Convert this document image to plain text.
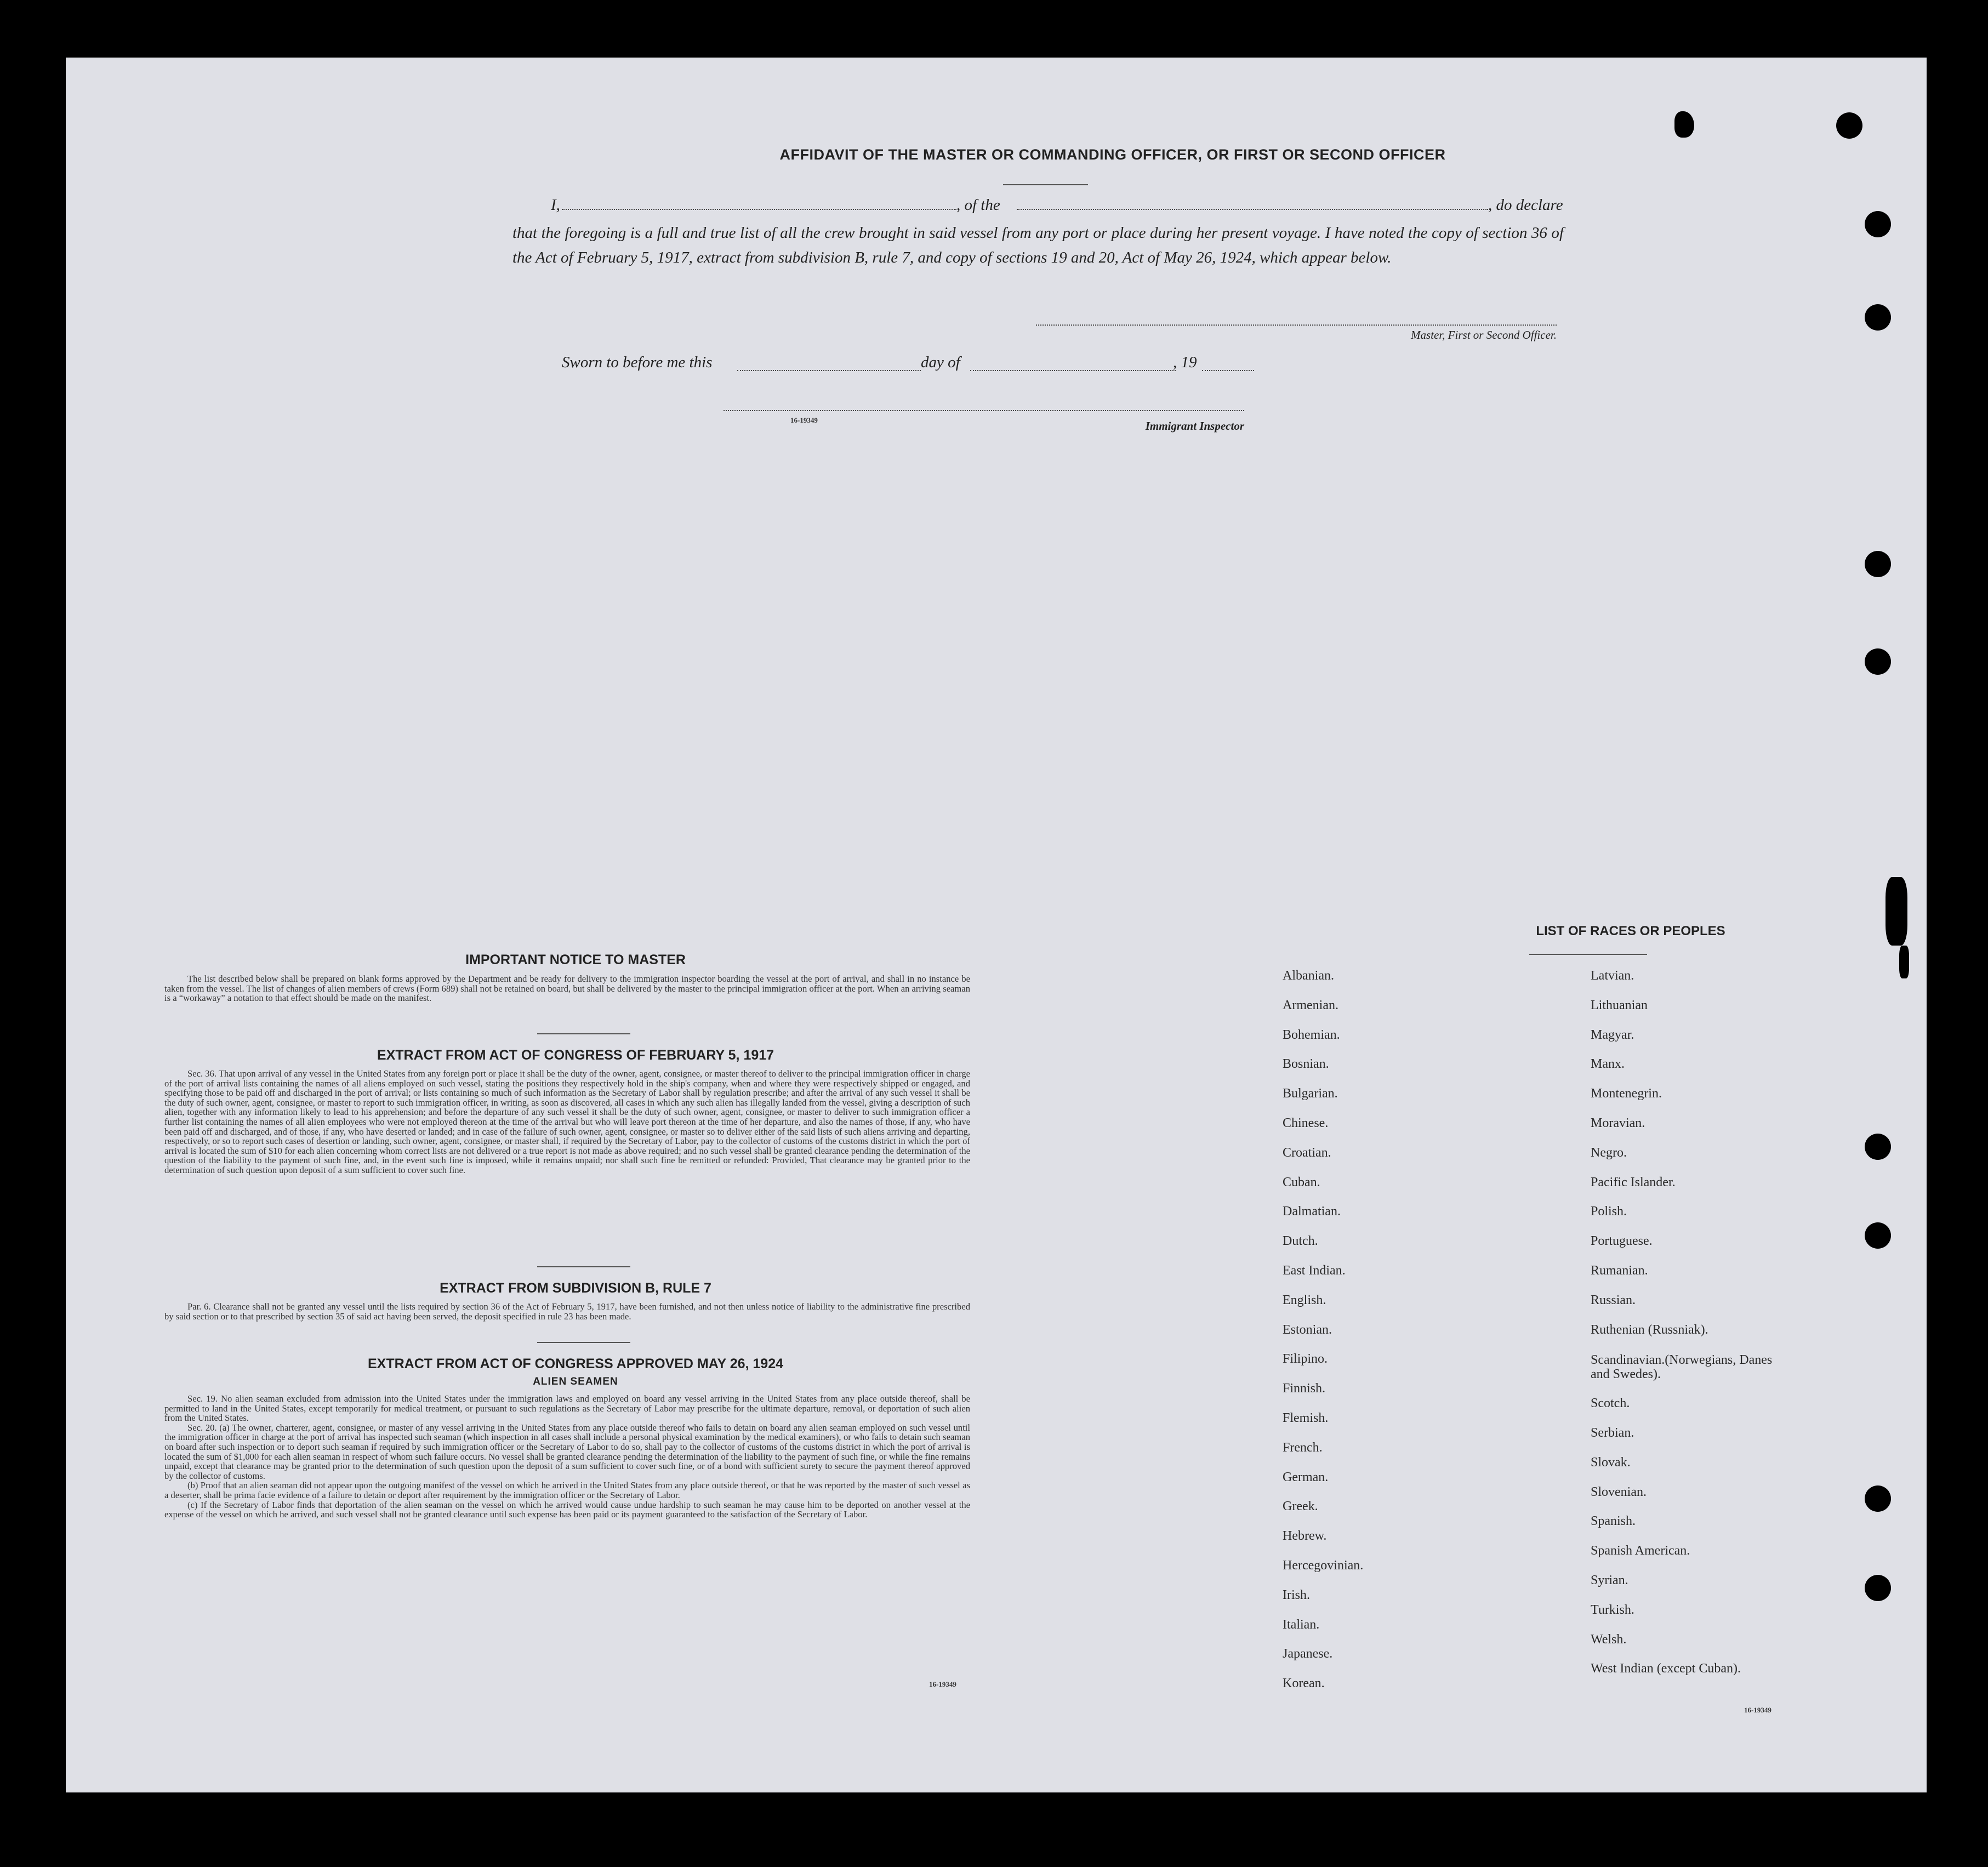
AFFIDAVIT OF THE MASTER OR COMMANDING OFFICER, OR FIRST OR SECOND OFFICER
I,	, of the	, do declare
that the foregoing is a full and true list of all the crew brought in said vessel from any port or place during her present voyage. I have noted the copy of section 36 of the Act of February 5, 1917, extract from subdivision B, rule 7, and copy of sections 19 and 20, Act of May 26, 1924, which appear below.
Master, First or Second Officer.
Sworn to before me this	day of	, 19
16-19349	Immigrant Inspector
IMPORTANT NOTICE TO MASTER

The list described below shall be prepared on blank forms approved by the Department and be ready for delivery to the immigration inspector boarding the vessel at the port of arrival, and shall in no instance be taken from the vessel. The list of changes of alien members of crews (Form 689) shall not be retained on board, but shall be delivered by the master to the principal immigration officer at the port. When an arriving seaman is a “workaway” a notation to that effect should be made on the manifest.

EXTRACT FROM ACT OF CONGRESS OF FEBRUARY 5, 1917

Sec. 36. That upon arrival of any vessel in the United States from any foreign port or place it shall be the duty of the owner, agent, consignee, or master thereof to deliver to the principal immigration officer in charge of the port of arrival lists containing the names of all aliens employed on such vessel, stating the positions they respectively hold in the ship's company, when and where they were respectively shipped or engaged, and specifying those to be paid off and discharged in the port of arrival; or lists containing so much of such information as the Secretary of Labor shall by regulation prescribe; and after the arrival of any such vessel it shall be the duty of such owner, agent, consignee, or master to report to such immigration officer, in writing, as soon as discovered, all cases in which any such alien has illegally landed from the vessel, giving a description of such alien, together with any information likely to lead to his apprehension; and before the departure of any such vessel it shall be the duty of such owner, agent, consignee, or master to deliver to such immigration officer a further list containing the names of all alien employees who were not employed thereon at the time of the arrival but who will leave port thereon at the time of her departure, and also the names of those, if any, who have been paid off and discharged, and of those, if any, who have deserted or landed; and in case of the failure of such owner, agent, consignee, or master so to deliver either of the said lists of such aliens arriving and departing, respectively, or so to report such cases of desertion or landing, such owner, agent, consignee, or master shall, if required by the Secretary of Labor, pay to the collector of customs of the customs district in which the port of arrival is located the sum of $10 for each alien concerning whom correct lists are not delivered or a true report is not made as above required; and no such vessel shall be granted clearance pending the determination of the question of the liability to the payment of such fine, and, in the event such fine is imposed, while it remains unpaid; nor shall such fine be remitted or refunded: Provided, That clearance may be granted prior to the determination of such question upon deposit of a sum sufficient to cover such fine.

EXTRACT FROM SUBDIVISION B, RULE 7

Par. 6. Clearance shall not be granted any vessel until the lists required by section 36 of the Act of February 5, 1917, have been furnished, and not then unless notice of liability to the administrative fine prescribed by said section or to that prescribed by section 35 of said act having been served, the deposit specified in rule 23 has been made.

EXTRACT FROM ACT OF CONGRESS APPROVED MAY 26, 1924
ALIEN SEAMEN

Sec. 19. No alien seaman excluded from admission into the United States under the immigration laws and employed on board any vessel arriving in the United States from any place outside thereof, shall be permitted to land in the United States, except temporarily for medical treatment, or pursuant to such regulations as the Secretary of Labor may prescribe for the ultimate departure, removal, or deportation of such alien from the United States.

Sec. 20. (a) The owner, charterer, agent, consignee, or master of any vessel arriving in the United States from any place outside thereof who fails to detain on board any alien seaman employed on such vessel until the immigration officer in charge at the port of arrival has inspected such seaman (which inspection in all cases shall include a personal physical examination by the medical examiners), or who fails to detain such seaman on board after such inspection or to deport such seaman if required by such immigration officer or the Secretary of Labor to do so, shall pay to the collector of customs of the customs district in which the port of arrival is located the sum of $1,000 for each alien seaman in respect of whom such failure occurs. No vessel shall be granted clearance pending the determination of the liability to the payment of such fine, or while the fine remains unpaid, except that clearance may be granted prior to the determination of such question upon the deposit of a sum sufficient to cover such fine, or of a bond with sufficient surety to secure the payment thereof approved by the collector of customs.

(b) Proof that an alien seaman did not appear upon the outgoing manifest of the vessel on which he arrived in the United States from any place outside thereof, or that he was reported by the master of such vessel as a deserter, shall be prima facie evidence of a failure to detain or deport after requirement by the immigration officer or the Secretary of Labor.

(c) If the Secretary of Labor finds that deportation of the alien seaman on the vessel on which he arrived would cause undue hardship to such seaman he may cause him to be deported on another vessel at the expense of the vessel on which he arrived, and such vessel shall not be granted clearance until such expense has been paid or its payment guaranteed to the satisfaction of the Secretary of Labor.

16-19349
LIST OF RACES OR PEOPLES
16-19349
Albanian.
Armenian.
Bohemian.
Bosnian.
Bulgarian.
Chinese.
Croatian.
Cuban.
Dalmatian.
Dutch.
East Indian.
English.
Estonian.
Filipino.
Finnish.
Flemish.
French.
German.
Greek.
Hebrew.
Hercegovinian.
Irish.
Italian.
Japanese.
Korean.
Latvian.
Lithuanian
Magyar.
Manx.
Montenegrin.
Moravian.
Negro.
Pacific Islander.
Polish.
Portuguese.
Rumanian.
Russian.
Ruthenian (Russniak).
Scandinavian.(Norwegians, Danes and Swedes).
Scotch.
Serbian.
Slovak.
Slovenian.
Spanish.
Spanish American.
Syrian.
Turkish.
Welsh.
West Indian (except Cuban).
